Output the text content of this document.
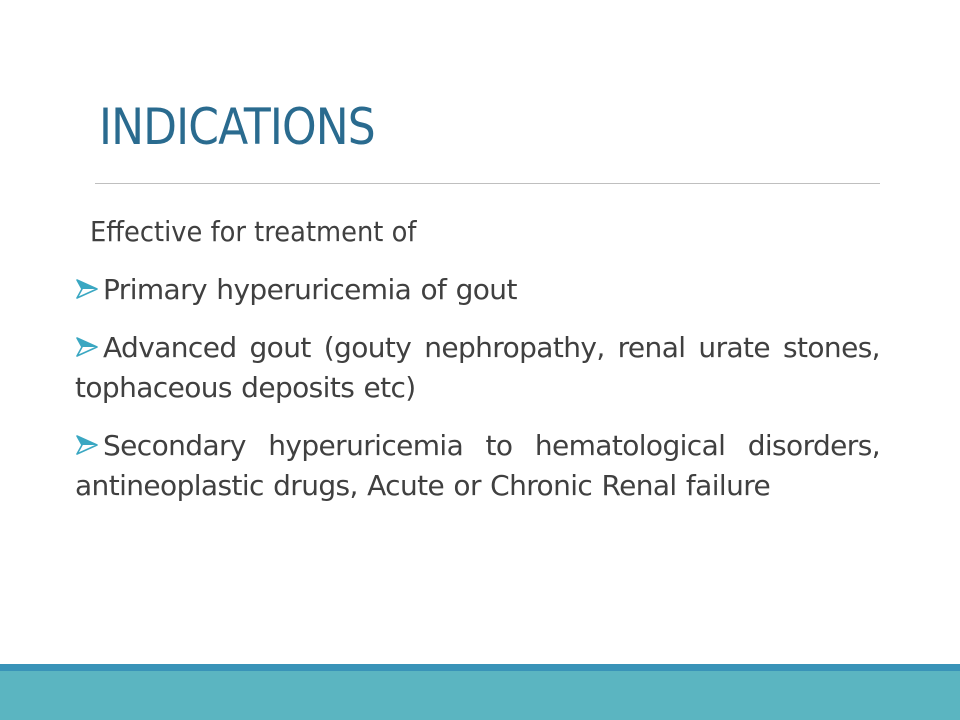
INDICATIONS
Effective for treatment of
Primary hyperuricemia of gout
Advanced gout (gouty nephropathy, renal urate stones, tophaceous deposits etc)
Secondary hyperuricemia to hematological disorders, antineoplastic drugs, Acute or Chronic Renal failure
